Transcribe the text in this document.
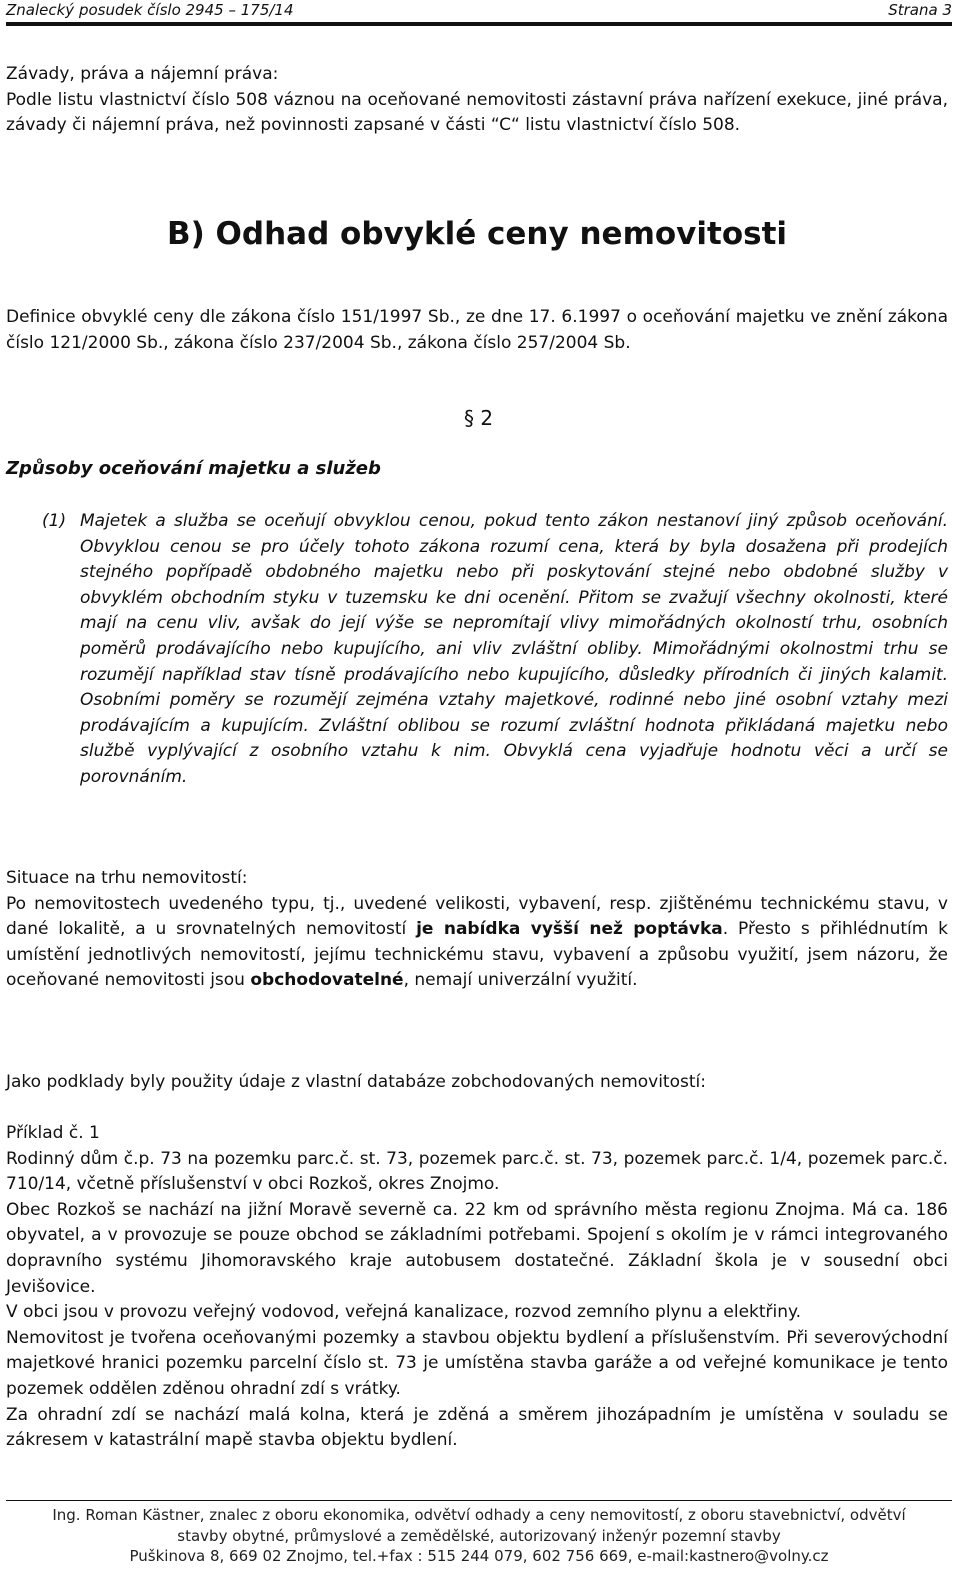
Znalecký posudek číslo 2945 – 175/14	Strana 3
Závady, práva a nájemní práva:
Podle listu vlastnictví číslo 508 váznou na oceňované nemovitosti zástavní práva nařízení exekuce, jiné práva, závady či nájemní práva, než povinnosti zapsané v části “C“ listu vlastnictví číslo 508.
B) Odhad obvyklé ceny nemovitosti
Definice obvyklé ceny dle zákona číslo 151/1997 Sb., ze dne 17. 6.1997 o oceňování majetku ve znění zákona číslo 121/2000 Sb., zákona číslo 237/2004 Sb., zákona číslo 257/2004 Sb.
§ 2
Způsoby oceňování majetku a služeb
(1) Majetek a služba se oceňují obvyklou cenou, pokud tento zákon nestanoví jiný způsob oceňování. Obvyklou cenou se pro účely tohoto zákona rozumí cena, která by byla dosažena při prodejích stejného popřípadě obdobného majetku nebo při poskytování stejné nebo obdobné služby v obvyklém obchodním styku v tuzemsku ke dni ocenění. Přitom se zvažují všechny okolnosti, které mají na cenu vliv, avšak do její výše se nepromítají vlivy mimořádných okolností trhu, osobních poměrů prodávajícího nebo kupujícího, ani vliv zvláštní obliby. Mimořádnými okolnostmi trhu se rozumějí například stav tísně prodávajícího nebo kupujícího, důsledky přírodních či jiných kalamit. Osobními poměry se rozumějí zejména vztahy majetkové, rodinné nebo jiné osobní vztahy mezi prodávajícím a kupujícím. Zvláštní oblibou se rozumí zvláštní hodnota přikládaná majetku nebo službě vyplývající z osobního vztahu k nim. Obvyklá cena vyjadřuje hodnotu věci a určí se porovnáním.
Situace na trhu nemovitostí:
Po nemovitostech uvedeného typu, tj., uvedené velikosti, vybavení, resp. zjištěnému technickému stavu, v dané lokalitě, a u srovnatelných nemovitostí je nabídka vyšší než poptávka. Přesto s přihlédnutím k umístění jednotlivých nemovitostí, jejímu technickému stavu, vybavení a způsobu využití, jsem názoru, že oceňované nemovitosti jsou obchodovatelné, nemají univerzální využití.
Jako podklady byly použity údaje z vlastní databáze zobchodovaných nemovitostí:
Příklad č. 1
Rodinný dům č.p. 73 na pozemku parc.č. st. 73, pozemek parc.č. st. 73, pozemek parc.č. 1/4, pozemek parc.č. 710/14, včetně příslušenství v obci Rozkoš, okres Znojmo.
Obec Rozkoš se nachází na jižní Moravě severně ca. 22 km od správního města regionu Znojma. Má ca. 186 obyvatel, a v provozuje se pouze obchod se základními potřebami. Spojení s okolím je v rámci integrovaného dopravního systému Jihomoravského kraje autobusem dostatečné. Základní škola je v sousední obci Jevišovice.
V obci jsou v provozu veřejný vodovod, veřejná kanalizace, rozvod zemního plynu a elektřiny.
Nemovitost je tvořena oceňovanými pozemky a stavbou objektu bydlení a příslušenstvím. Při severovýchodní majetkové hranici pozemku parcelní číslo st. 73 je umístěna stavba garáže a od veřejné komunikace je tento pozemek oddělen zděnou ohradní zdí s vrátky.
Za ohradní zdí se nachází malá kolna, která je zděná a směrem jihozápadním je umístěna v souladu se zákresem v katastrální mapě stavba objektu bydlení.
Ing. Roman Kästner, znalec z oboru ekonomika, odvětví odhady a ceny nemovitostí, z oboru stavebnictví, odvětví
stavby obytné, průmyslové a zemědělské, autorizovaný inženýr pozemní stavby
Puškinova 8, 669 02 Znojmo, tel.+fax : 515 244 079, 602 756 669, e-mail:kastnero@volny.cz
